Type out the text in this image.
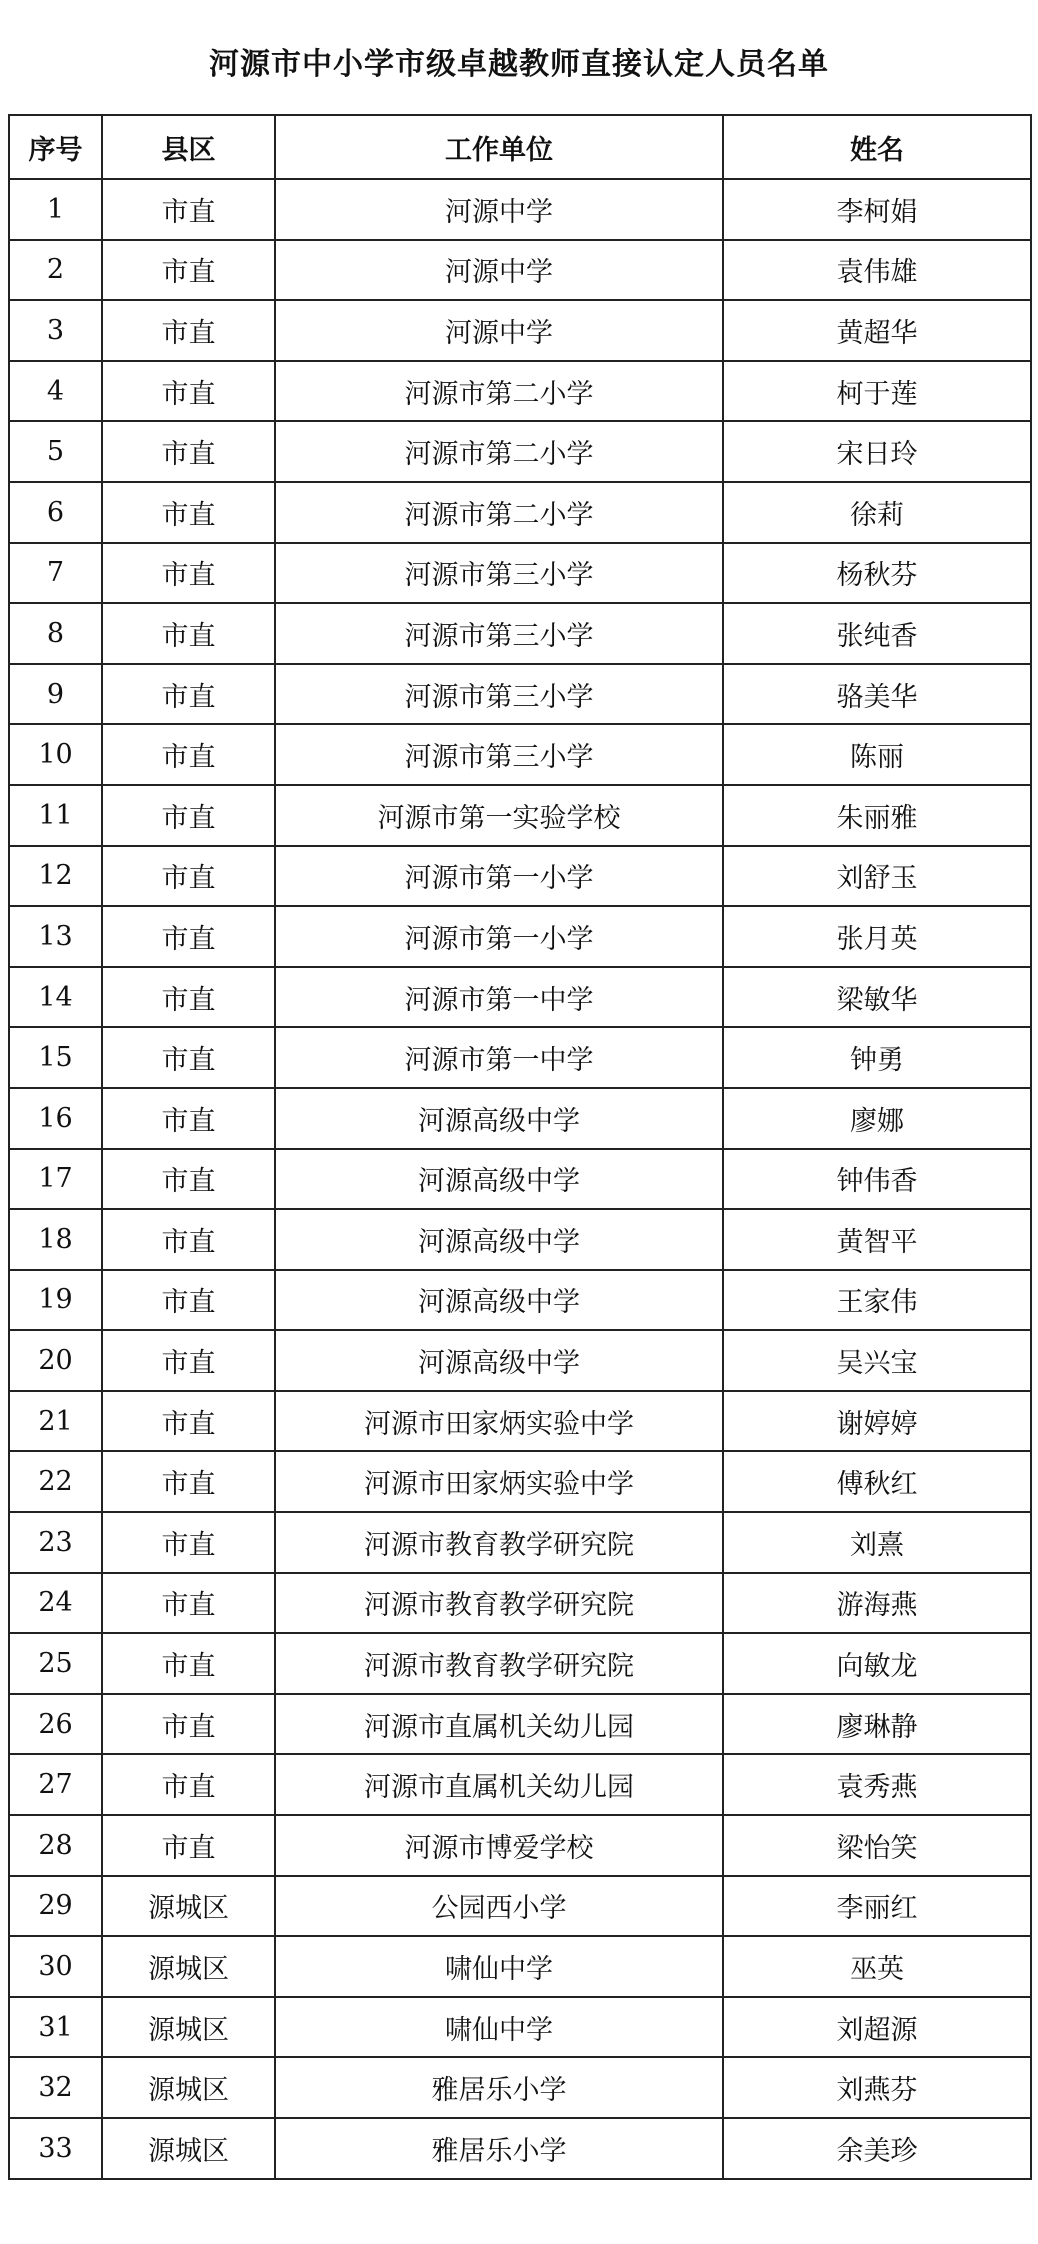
河源市中小学市级卓越教师直接认定人员名单
序号	县区	工作单位	姓名
1	市直	河源中学	李柯娟
2	市直	河源中学	袁伟雄
3	市直	河源中学	黄超华
4	市直	河源市第二小学	柯于莲
5	市直	河源市第二小学	宋日玲
6	市直	河源市第二小学	徐莉
7	市直	河源市第三小学	杨秋芬
8	市直	河源市第三小学	张纯香
9	市直	河源市第三小学	骆美华
10	市直	河源市第三小学	陈丽
11	市直	河源市第一实验学校	朱丽雅
12	市直	河源市第一小学	刘舒玉
13	市直	河源市第一小学	张月英
14	市直	河源市第一中学	梁敏华
15	市直	河源市第一中学	钟勇
16	市直	河源高级中学	廖娜
17	市直	河源高级中学	钟伟香
18	市直	河源高级中学	黄智平
19	市直	河源高级中学	王家伟
20	市直	河源高级中学	吴兴宝
21	市直	河源市田家炳实验中学	谢婷婷
22	市直	河源市田家炳实验中学	傅秋红
23	市直	河源市教育教学研究院	刘熹
24	市直	河源市教育教学研究院	游海燕
25	市直	河源市教育教学研究院	向敏龙
26	市直	河源市直属机关幼儿园	廖琳静
27	市直	河源市直属机关幼儿园	袁秀燕
28	市直	河源市博爱学校	梁怡笑
29	源城区	公园西小学	李丽红
30	源城区	啸仙中学	巫英
31	源城区	啸仙中学	刘超源
32	源城区	雅居乐小学	刘燕芬
33	源城区	雅居乐小学	余美珍
